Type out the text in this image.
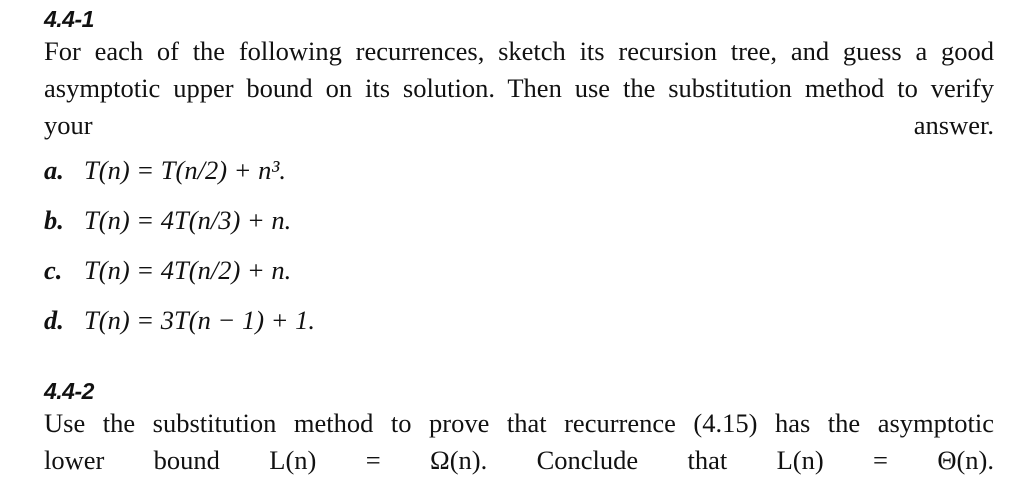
4.4-1
For each of the following recurrences, sketch its recursion tree, and guess a good
asymptotic upper bound on its solution. Then use the substitution method to verify
your answer.
a. T(n) = T(n/2) + n³.
b. T(n) = 4T(n/3) + n.
c. T(n) = 4T(n/2) + n.
d. T(n) = 3T(n − 1) + 1.
4.4-2
Use the substitution method to prove that recurrence (4.15) has the asymptotic
lower bound L(n) = Ω(n). Conclude that L(n) = Θ(n).
